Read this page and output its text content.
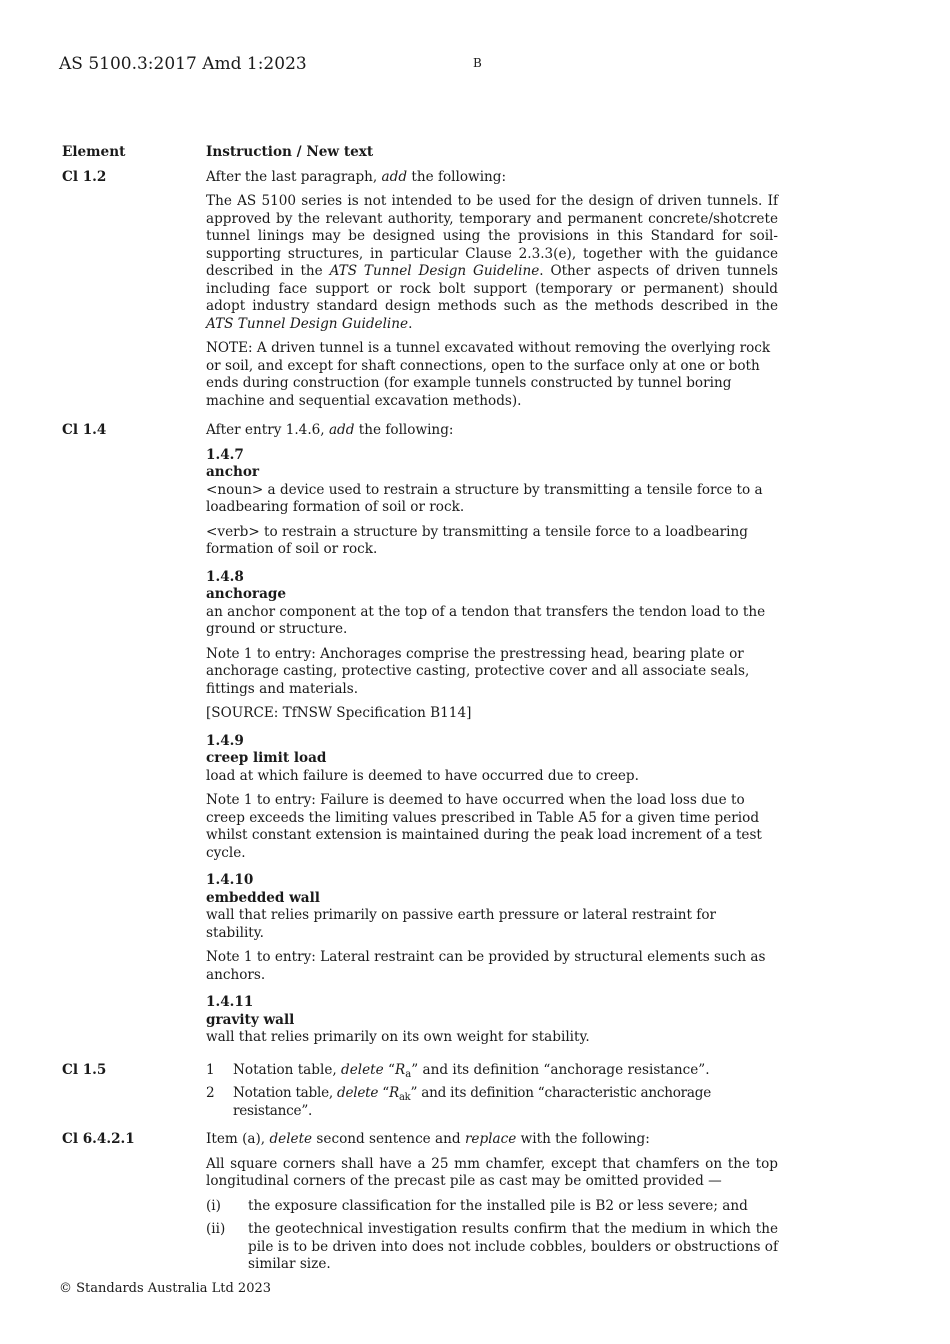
AS 5100.3:2017 Amd 1:2023	B
Element	Instruction / New text
Cl 1.2	After the last paragraph, add the following:

The AS 5100 series is not intended to be used for the design of driven tunnels. If approved by the relevant authority, temporary and permanent concrete/shotcrete tunnel linings may be designed using the provisions in this Standard for soil-supporting structures, in particular Clause 2.3.3(e), together with the guidance described in the ATS Tunnel Design Guideline. Other aspects of driven tunnels including face support or rock bolt support (temporary or permanent) should adopt industry standard design methods such as the methods described in the ATS Tunnel Design Guideline.

NOTE: A driven tunnel is a tunnel excavated without removing the overlying rock or soil, and except for shaft connections, open to the surface only at one or both ends during construction (for example tunnels constructed by tunnel boring machine and sequential excavation methods).

Cl 1.4	After entry 1.4.6, add the following:

1.4.7
anchor

<noun> a device used to restrain a structure by transmitting a tensile force to a loadbearing formation of soil or rock.

<verb> to restrain a structure by transmitting a tensile force to a loadbearing formation of soil or rock.

1.4.8
anchorage

an anchor component at the top of a tendon that transfers the tendon load to the ground or structure.

Note 1 to entry: Anchorages comprise the prestressing head, bearing plate or anchorage casting, protective casting, protective cover and all associate seals, fittings and materials.

[SOURCE: TfNSW Specification B114]

1.4.9
creep limit load

load at which failure is deemed to have occurred due to creep.

Note 1 to entry: Failure is deemed to have occurred when the load loss due to creep exceeds the limiting values prescribed in Table A5 for a given time period whilst constant extension is maintained during the peak load increment of a test cycle.

1.4.10
embedded wall

wall that relies primarily on passive earth pressure or lateral restraint for stability.

Note 1 to entry: Lateral restraint can be provided by structural elements such as anchors.

1.4.11
gravity wall

wall that relies primarily on its own weight for stability.

Cl 1.5	1	Notation table, delete “$R_a$” and its definition “anchorage resistance”.
2	Notation table, delete “$R_{ak}$” and its definition “characteristic anchorage resistance”.
Cl 6.4.2.1	Item (a), delete second sentence and replace with the following:

All square corners shall have a 25 mm chamfer, except that chamfers on the top longitudinal corners of the precast pile as cast may be omitted provided —

(i)	the exposure classification for the installed pile is B2 or less severe; and
(ii)	the geotechnical investigation results confirm that the medium in which the pile is to be driven into does not include cobbles, boulders or obstructions of similar size.
© Standards Australia Ltd 2023
